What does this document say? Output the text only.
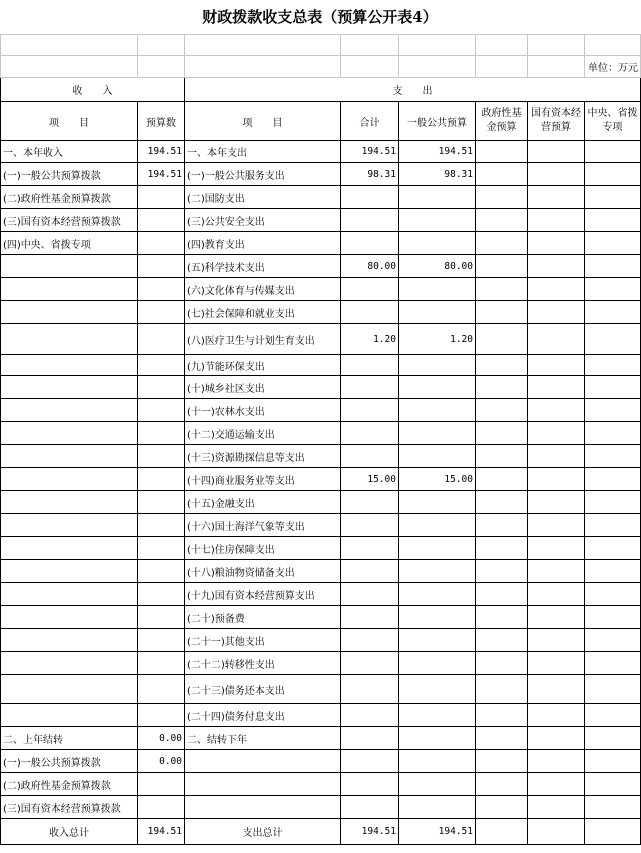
财政拨款收支总表（预算公开表4）

							单位：万元
收　　入		支　　出					
项　　目	预算数	项　　目	合计	一般公共预算	政府性基金预算	国有资本经营预算	中央、省拨专项
一、本年收入	194.51	一、本年支出	194.51	194.51			
(一)一般公共预算拨款	194.51	(一)一般公共服务支出	98.31	98.31			
(二)政府性基金预算拨款		(二)国防支出					
(三)国有资本经营预算拨款		(三)公共安全支出					
(四)中央、省拨专项		(四)教育支出					
		(五)科学技术支出	80.00	80.00			
		(六)文化体育与传媒支出					
		(七)社会保障和就业支出					
		(八)医疗卫生与计划生育支出	1.20	1.20			
		(九)节能环保支出					
		(十)城乡社区支出					
		(十一)农林水支出					
		(十二)交通运输支出					
		(十三)资源勘探信息等支出					
		(十四)商业服务业等支出	15.00	15.00			
		(十五)金融支出					
		(十六)国土海洋气象等支出					
		(十七)住房保障支出					
		(十八)粮油物资储备支出					
		(十九)国有资本经营预算支出					
		(二十)预备费					
		(二十一)其他支出					
		(二十二)转移性支出					
		(二十三)债务还本支出					
		(二十四)债务付息支出					
二、上年结转	0.00	二、结转下年					
(一)一般公共预算拨款	0.00						
(二)政府性基金预算拨款							
(三)国有资本经营预算拨款							
收入总计	194.51	支出总计	194.51	194.51			
